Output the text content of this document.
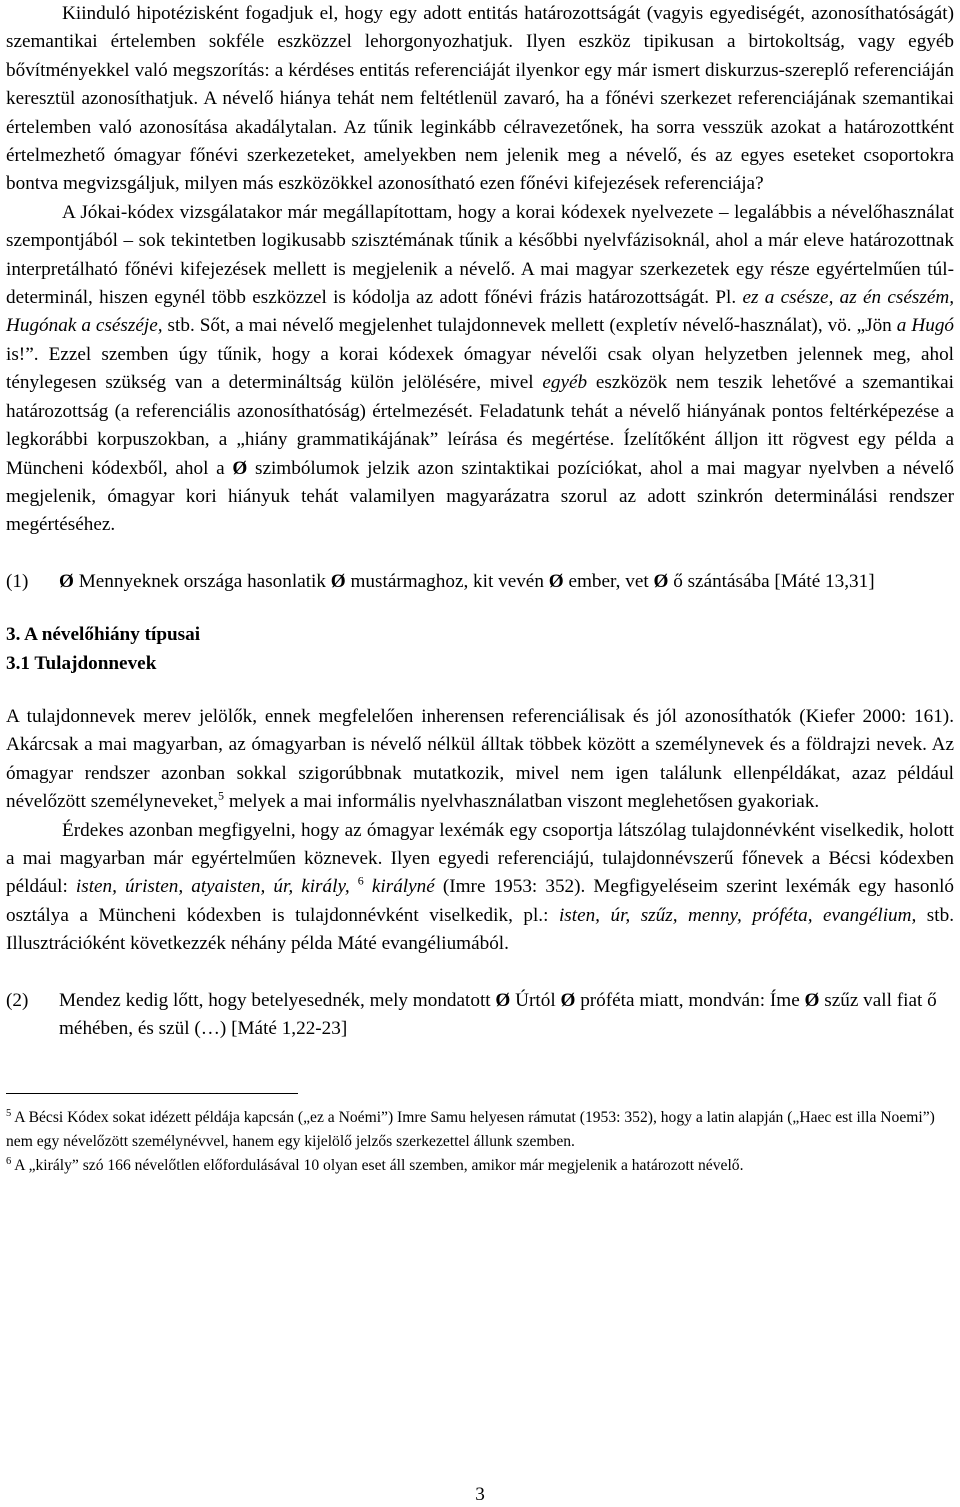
Kiinduló hipotézisként fogadjuk el, hogy egy adott entitás határozottságát (vagyis egyediségét, azonosíthatóságát) szemantikai értelemben sokféle eszközzel lehorgonyozhatjuk. Ilyen eszköz tipikusan a birtokoltság, vagy egyéb bővítményekkel való megszorítás: a kérdéses entitás referenciáját ilyenkor egy már ismert diskurzus-szereplő referenciáján keresztül azonosíthatjuk. A névelő hiánya tehát nem feltétlenül zavaró, ha a főnévi szerkezet referenciájának szemantikai értelemben való azonosítása akadálytalan. Az tűnik leginkább célravezetőnek, ha sorra vesszük azokat a határozottként értelmezhető ómagyar főnévi szerkezeteket, amelyekben nem jelenik meg a névelő, és az egyes eseteket csoportokra bontva megvizsgáljuk, milyen más eszközökkel azonosítható ezen főnévi kifejezések referenciája?

A Jókai-kódex vizsgálatakor már megállapítottam, hogy a korai kódexek nyelvezete – legalábbis a névelőhasználat szempontjából – sok tekintetben logikusabb szisztémának tűnik a későbbi nyelvfázisoknál, ahol a már eleve határozottnak interpretálható főnévi kifejezések mellett is megjelenik a névelő. A mai magyar szerkezetek egy része egyértelműen túl-determinál, hiszen egynél több eszközzel is kódolja az adott főnévi frázis határozottságát. Pl. ez a csésze, az én csészém, Hugónak a csészéje, stb. Sőt, a mai névelő megjelenhet tulajdonnevek mellett (expletív névelő-használat), vö. „Jön a Hugó is!”. Ezzel szemben úgy tűnik, hogy a korai kódexek ómagyar névelői csak olyan helyzetben jelennek meg, ahol ténylegesen szükség van a determináltság külön jelölésére, mivel egyéb eszközök nem teszik lehetővé a szemantikai határozottság (a referenciális azonosíthatóság) értelmezését. Feladatunk tehát a névelő hiányának pontos feltérképezése a legkorábbi korpuszokban, a „hiány grammatikájának” leírása és megértése. Ízelítőként álljon itt rögvest egy példa a Müncheni kódexből, ahol a Ø szimbólumok jelzik azon szintaktikai pozíciókat, ahol a mai magyar nyelvben a névelő megjelenik, ómagyar kori hiányuk tehát valamilyen magyarázatra szorul az adott szinkrón determinálási rendszer megértéséhez.

(1)	Ø Mennyeknek országa hasonlatik Ø mustármaghoz, kit vevén Ø ember, vet Ø ő szántásába [Máté 13,31]
3. A névelőhiány típusai
3.1 Tulajdonnevek

A tulajdonnevek merev jelölők, ennek megfelelően inherensen referenciálisak és jól azonosíthatók (Kiefer 2000: 161). Akárcsak a mai magyarban, az ómagyarban is névelő nélkül álltak többek között a személynevek és a földrajzi nevek. Az ómagyar rendszer azonban sokkal szigorúbbnak mutatkozik, mivel nem igen találunk ellenpéldákat, azaz például névelőzött személyneveket,$^5$ melyek a mai informális nyelvhasználatban viszont meglehetősen gyakoriak.

Érdekes azonban megfigyelni, hogy az ómagyar lexémák egy csoportja látszólag tulajdonnévként viselkedik, holott a mai magyarban már egyértelműen köznevek. Ilyen egyedi referenciájú, tulajdonnévszerű főnevek a Bécsi kódexben például: isten, úristen, atyaisten, úr, király, $^6$ királyné (Imre 1953: 352). Megfigyeléseim szerint lexémák egy hasonló osztálya a Müncheni kódexben is tulajdonnévként viselkedik, pl.: isten, úr, szűz, menny, próféta, evangélium, stb. Illusztrációként következzék néhány példa Máté evangéliumából.

(2)	Mendez kedig lőtt, hogy betelyesednék, mely mondatott Ø Úrtól Ø próféta miatt, mondván: Íme Ø szűz vall fiat ő méhében, és szül (…) [Máté 1,22-23]

$^5$ A Bécsi Kódex sokat idézett példája kapcsán („ez a Noémi”) Imre Samu helyesen rámutat (1953: 352), hogy a latin alapján („Haec est illa Noemi”) nem egy névelőzött személynévvel, hanem egy kijelölő jelzős szerkezettel állunk szemben.

$^6$ A „király” szó 166 névelőtlen előfordulásával 10 olyan eset áll szemben, amikor már megjelenik a határozott névelő.

3
